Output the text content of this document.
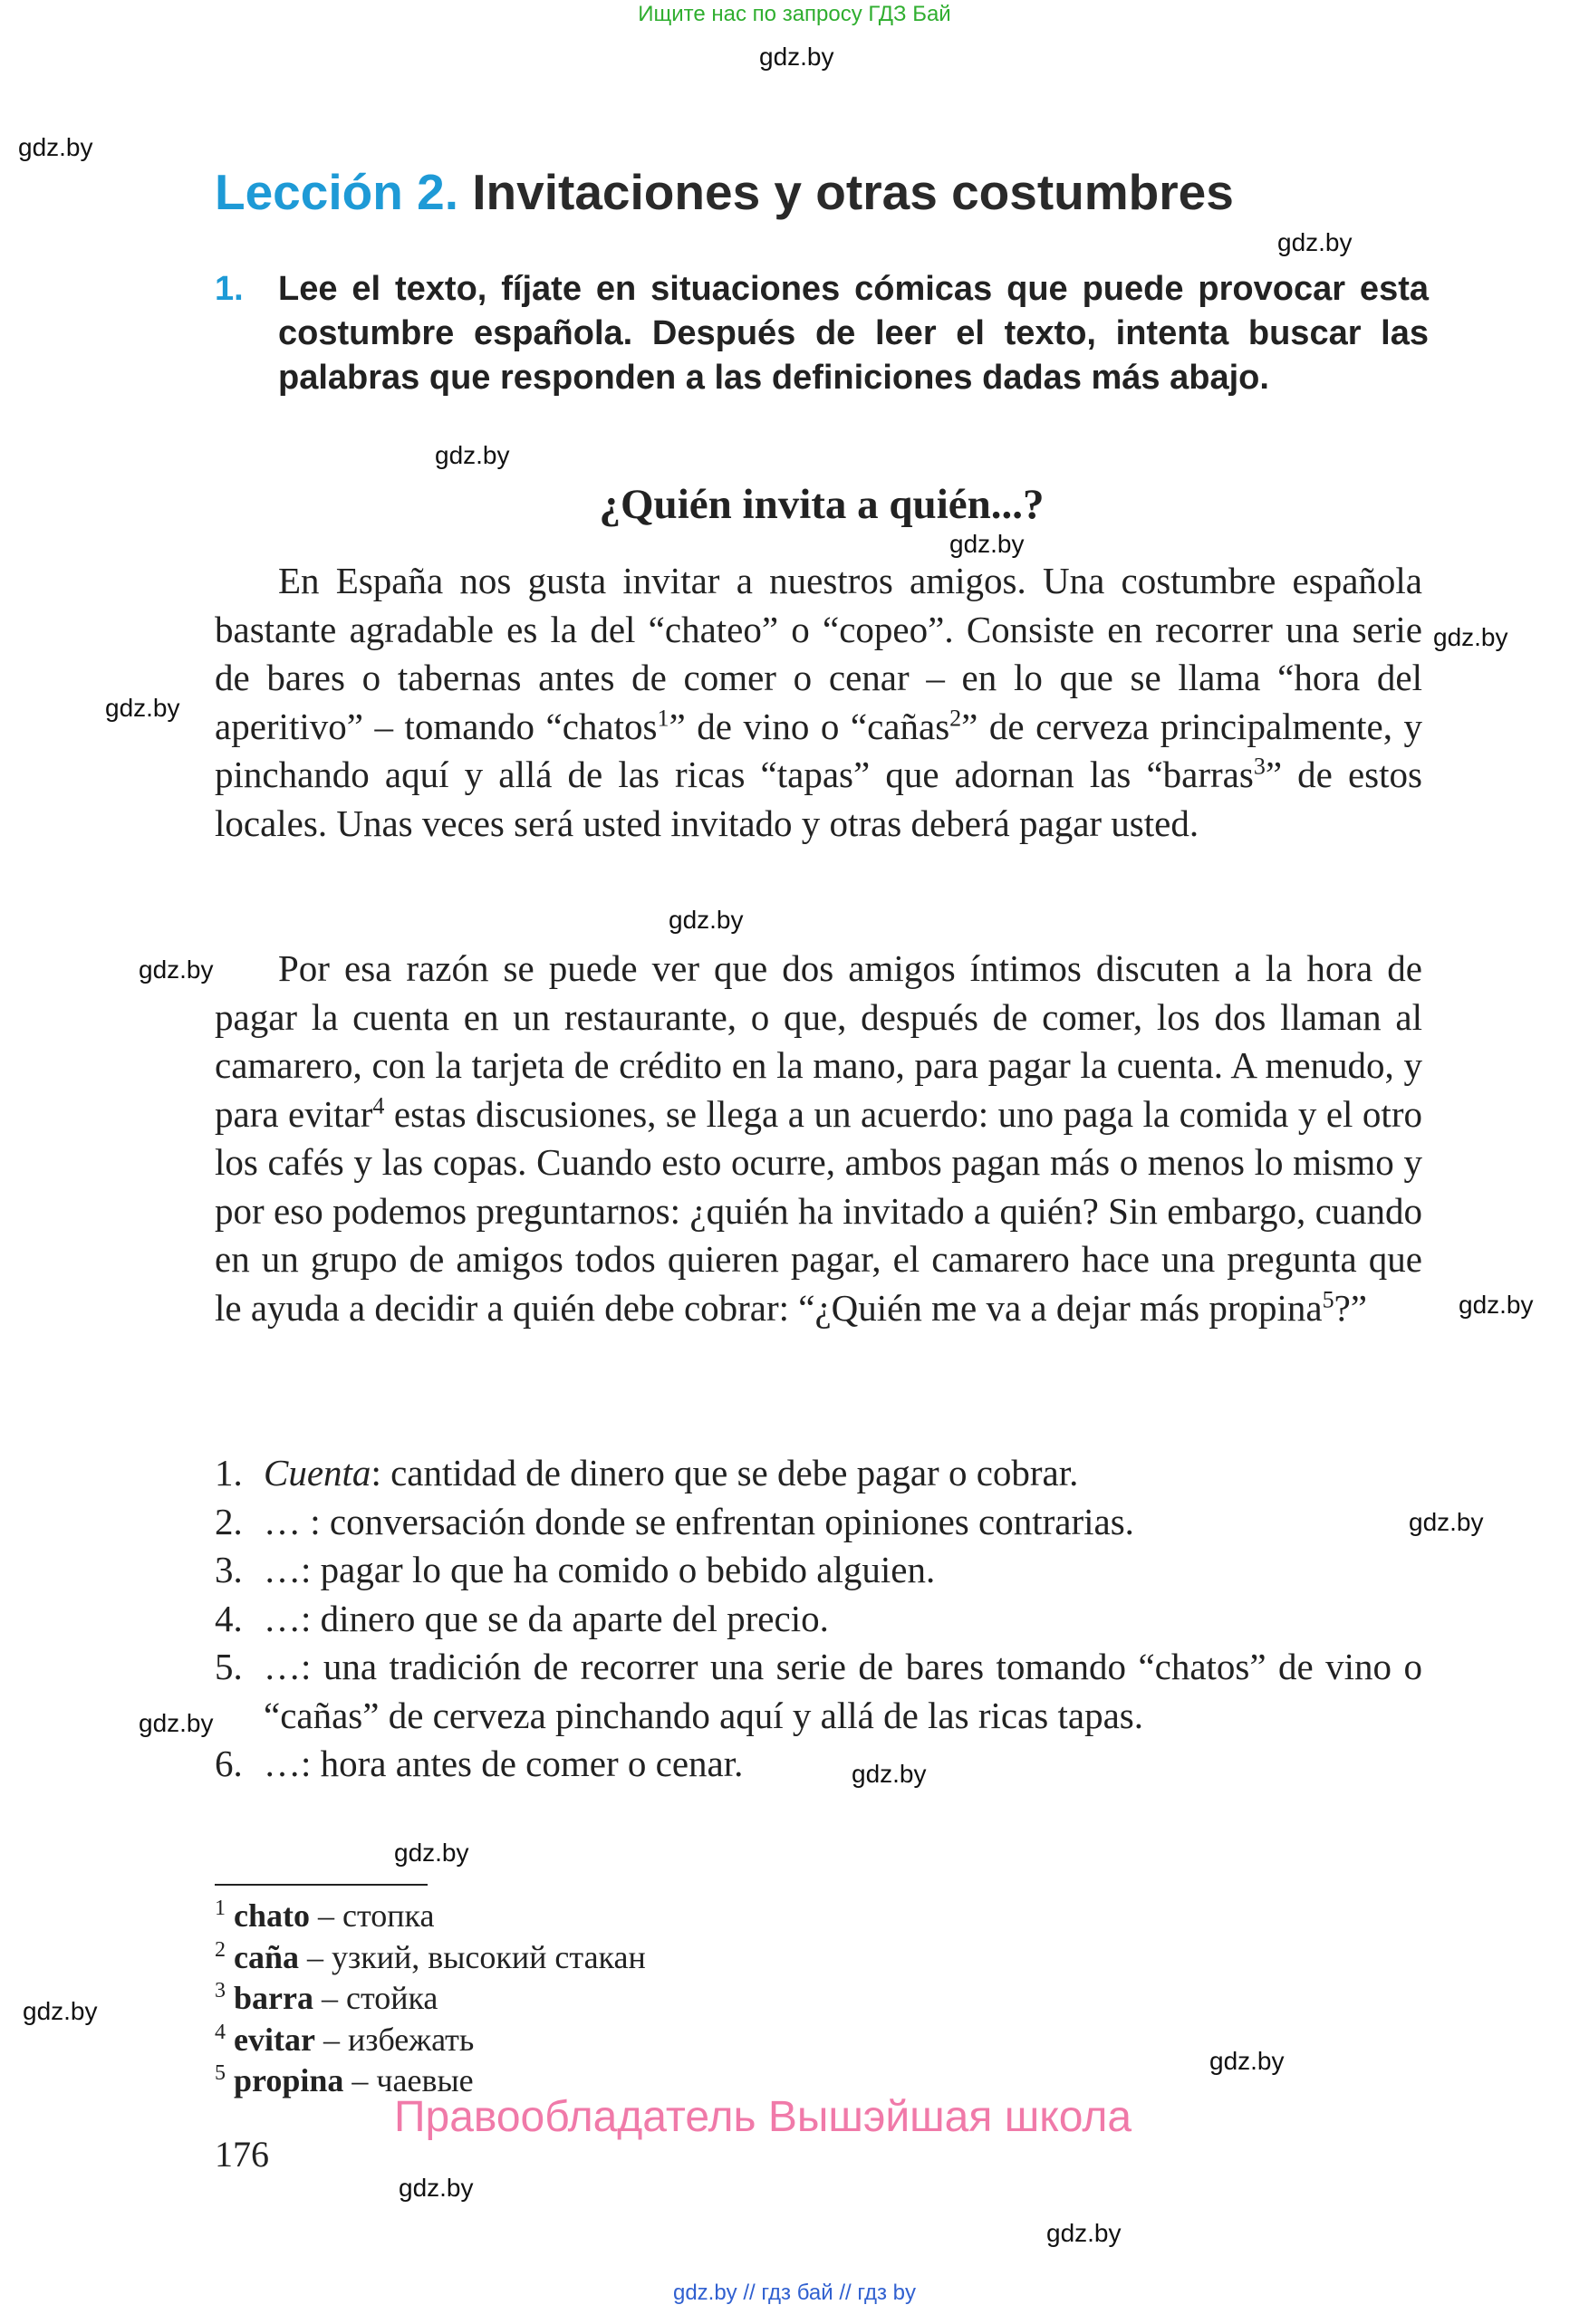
Ищите нас по запросу ГДЗ Бай
gdz.by
gdz.by
gdz.by
gdz.by
gdz.by
gdz.by
gdz.by
gdz.by
gdz.by
gdz.by
gdz.by
gdz.by
gdz.by
gdz.by
gdz.by
gdz.by
gdz.by
gdz.by
Lección 2. Invitaciones y otras costumbres
1. Lee el texto, fíjate en situaciones cómicas que puede provocar esta costumbre española. Después de leer el texto, intenta buscar las palabras que responden a las definiciones dadas más abajo.
¿Quién invita a quién...?

En España nos gusta invitar a nuestros amigos. Una costumbre española bastante agradable es la del “chateo” o “copeo”. Consiste en recorrer una serie de bares o tabernas antes de comer o cenar – en lo que se llama “hora del aperitivo” – tomando “chatos$^1$” de vino o “cañas$^2$” de cerveza principalmente, y pinchando aquí y allá de las ricas “tapas” que adornan las “barras$^3$” de estos locales. Unas veces será usted invitado y otras deberá pagar usted.

Por esa razón se puede ver que dos amigos íntimos discuten a la hora de pagar la cuenta en un restaurante, o que, después de comer, los dos llaman al camarero, con la tarjeta de crédito en la mano, para pagar la cuenta. A menudo, y para evitar$^4$ estas discusiones, se llega a un acuerdo: uno paga la comida y el otro los cafés y las copas. Cuando esto ocurre, ambos pagan más o menos lo mismo y por eso podemos preguntarnos: ¿quién ha invitado a quién? Sin embargo, cuando en un grupo de amigos todos quieren pagar, el camarero hace una pregunta que le ayuda a decidir a quién debe cobrar: “¿Quién me va a dejar más propina$^5$?”

1. Cuenta: cantidad de dinero que se debe pagar o cobrar.
2. … : conversación donde se enfrentan opiniones contrarias.
3. …: pagar lo que ha comido o bebido alguien.
4. …: dinero que se da aparte del precio.
5. …: una tradición de recorrer una serie de bares tomando “chatos” de vino o “cañas” de cerveza pinchando aquí y allá de las ricas tapas.
6. …: hora antes de comer o cenar.
$^1$ chato – стопка
$^2$ caña – узкий, высокий стакан
$^3$ barra – стойка
$^4$ evitar – избежать
$^5$ propina – чаевые
Правообладатель Вышэйшая школа
176
gdz.by // гдз бай // гдз by
